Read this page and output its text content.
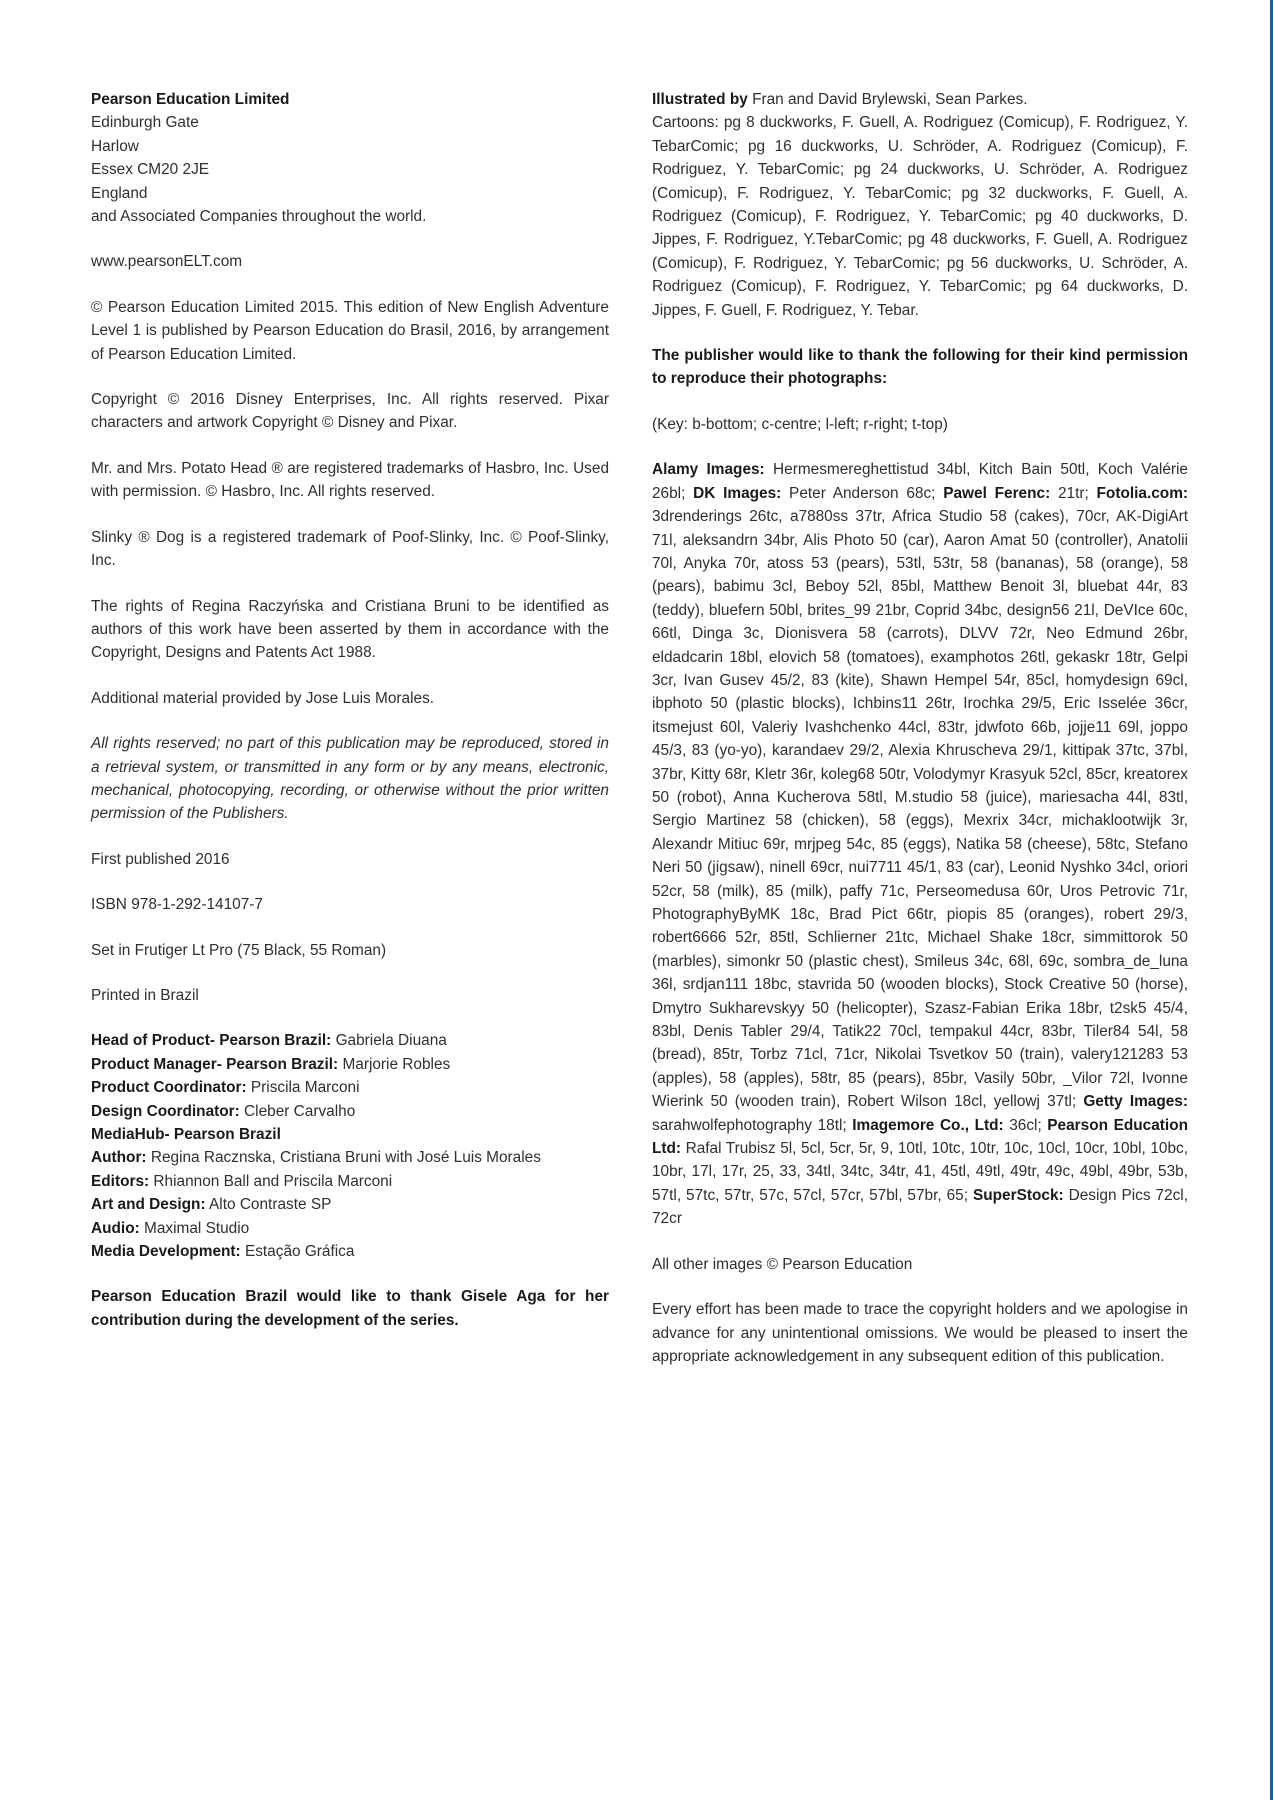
Pearson Education Limited
Edinburgh Gate
Harlow
Essex CM20 2JE
England
and Associated Companies throughout the world.

www.pearsonELT.com

© Pearson Education Limited 2015. This edition of New English Adventure Level 1 is published by Pearson Education do Brasil, 2016, by arrangement of Pearson Education Limited.

Copyright © 2016 Disney Enterprises, Inc. All rights reserved. Pixar characters and artwork Copyright © Disney and Pixar.

Mr. and Mrs. Potato Head ® are registered trademarks of Hasbro, Inc. Used with permission. © Hasbro, Inc. All rights reserved.

Slinky ® Dog is a registered trademark of Poof-Slinky, Inc. © Poof-Slinky, Inc.

The rights of Regina Raczyńska and Cristiana Bruni to be identified as authors of this work have been asserted by them in accordance with the Copyright, Designs and Patents Act 1988.

Additional material provided by Jose Luis Morales.

All rights reserved; no part of this publication may be reproduced, stored in a retrieval system, or transmitted in any form or by any means, electronic, mechanical, photocopying, recording, or otherwise without the prior written permission of the Publishers.

First published 2016

ISBN 978-1-292-14107-7

Set in Frutiger Lt Pro (75 Black, 55 Roman)

Printed in Brazil

Head of Product- Pearson Brazil: Gabriela Diuana
Product Manager- Pearson Brazil: Marjorie Robles
Product Coordinator: Priscila Marconi
Design Coordinator: Cleber Carvalho
MediaHub- Pearson Brazil
Author: Regina Racznska, Cristiana Bruni with José Luis Morales
Editors: Rhiannon Ball and Priscila Marconi
Art and Design: Alto Contraste SP
Audio: Maximal Studio
Media Development: Estação Gráfica

Pearson Education Brazil would like to thank Gisele Aga for her contribution during the development of the series.

Illustrated by Fran and David Brylewski, Sean Parkes.
Cartoons: pg 8 duckworks, F. Guell, A. Rodriguez (Comicup), F. Rodriguez, Y. TebarComic; pg 16 duckworks, U. Schröder, A. Rodriguez (Comicup), F. Rodriguez, Y. TebarComic; pg 24 duckworks, U. Schröder, A. Rodriguez (Comicup), F. Rodriguez, Y. TebarComic; pg 32 duckworks, F. Guell, A. Rodriguez (Comicup), F. Rodriguez, Y. TebarComic; pg 40 duckworks, D. Jippes, F. Rodriguez, Y.TebarComic; pg 48 duckworks, F. Guell, A. Rodriguez (Comicup), F. Rodriguez, Y. TebarComic; pg 56 duckworks, U. Schröder, A. Rodriguez (Comicup), F. Rodriguez, Y. TebarComic; pg 64 duckworks, D. Jippes, F. Guell, F. Rodriguez, Y. Tebar.

The publisher would like to thank the following for their kind permission to reproduce their photographs:

(Key: b-bottom; c-centre; l-left; r-right; t-top)

Alamy Images: Hermesmereghettistud 34bl, Kitch Bain 50tl, Koch Valérie 26bl; DK Images: Peter Anderson 68c; Pawel Ferenc: 21tr; Fotolia.com: 3drenderings 26tc, a7880ss 37tr, Africa Studio 58 (cakes), 70cr, AK-DigiArt 71l, aleksandrn 34br, Alis Photo 50 (car), Aaron Amat 50 (controller), Anatolii 70l, Anyka 70r, atoss 53 (pears), 53tl, 53tr, 58 (bananas), 58 (orange), 58 (pears), babimu 3cl, Beboy 52l, 85bl, Matthew Benoit 3l, bluebat 44r, 83 (teddy), bluefern 50bl, brites_99 21br, Coprid 34bc, design56 21l, DeVIce 60c, 66tl, Dinga 3c, Dionisvera 58 (carrots), DLVV 72r, Neo Edmund 26br, eldadcarin 18bl, elovich 58 (tomatoes), examphotos 26tl, gekaskr 18tr, Gelpi 3cr, Ivan Gusev 45/2, 83 (kite), Shawn Hempel 54r, 85cl, homydesign 69cl, ibphoto 50 (plastic blocks), Ichbins11 26tr, Irochka 29/5, Eric Isselée 36cr, itsmejust 60l, Valeriy Ivashchenko 44cl, 83tr, jdwfoto 66b, jojje11 69l, joppo 45/3, 83 (yo-yo), karandaev 29/2, Alexia Khruscheva 29/1, kittipak 37tc, 37bl, 37br, Kitty 68r, Kletr 36r, koleg68 50tr, Volodymyr Krasyuk 52cl, 85cr, kreatorex 50 (robot), Anna Kucherova 58tl, M.studio 58 (juice), mariesacha 44l, 83tl, Sergio Martinez 58 (chicken), 58 (eggs), Mexrix 34cr, michaklootwijk 3r, Alexandr Mitiuc 69r, mrjpeg 54c, 85 (eggs), Natika 58 (cheese), 58tc, Stefano Neri 50 (jigsaw), ninell 69cr, nui7711 45/1, 83 (car), Leonid Nyshko 34cl, oriori 52cr, 58 (milk), 85 (milk), paffy 71c, Perseomedusa 60r, Uros Petrovic 71r, PhotographyByMK 18c, Brad Pict 66tr, piopis 85 (oranges), robert 29/3, robert6666 52r, 85tl, Schlierner 21tc, Michael Shake 18cr, simmittorok 50 (marbles), simonkr 50 (plastic chest), Smileus 34c, 68l, 69c, sombra_de_luna 36l, srdjan111 18bc, stavrida 50 (wooden blocks), Stock Creative 50 (horse), Dmytro Sukharevskyy 50 (helicopter), Szasz-Fabian Erika 18br, t2sk5 45/4, 83bl, Denis Tabler 29/4, Tatik22 70cl, tempakul 44cr, 83br, Tiler84 54l, 58 (bread), 85tr, Torbz 71cl, 71cr, Nikolai Tsvetkov 50 (train), valery121283 53 (apples), 58 (apples), 58tr, 85 (pears), 85br, Vasily 50br, _Vilor 72l, Ivonne Wierink 50 (wooden train), Robert Wilson 18cl, yellowj 37tl; Getty Images: sarahwolfephotography 18tl; Imagemore Co., Ltd: 36cl; Pearson Education Ltd: Rafal Trubisz 5l, 5cl, 5cr, 5r, 9, 10tl, 10tc, 10tr, 10c, 10cl, 10cr, 10bl, 10bc, 10br, 17l, 17r, 25, 33, 34tl, 34tc, 34tr, 41, 45tl, 49tl, 49tr, 49c, 49bl, 49br, 53b, 57tl, 57tc, 57tr, 57c, 57cl, 57cr, 57bl, 57br, 65; SuperStock: Design Pics 72cl, 72cr

All other images © Pearson Education

Every effort has been made to trace the copyright holders and we apologise in advance for any unintentional omissions. We would be pleased to insert the appropriate acknowledgement in any subsequent edition of this publication.
